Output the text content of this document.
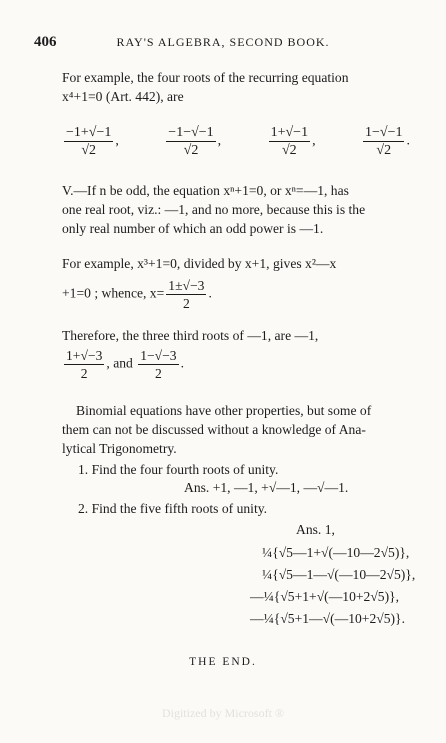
406	RAY'S ALGEBRA, SECOND BOOK.
For example, the four roots of the recurring equation
x⁴+1=0 (Art. 442), are
$\frac{-1+√-1}{√2}$ ,	$\frac{-1-√-1}{√2}$ ,	$\frac{1+√-1}{√2}$ ,	$\frac{1-√-1}{√2}$ .
V.—If n be odd, the equation xⁿ+1=0, or xⁿ=—1, has
one real root, viz.: —1, and no more, because this is the
only real number of which an odd power is —1.
For example, x³+1=0, divided by x+1, gives x²—x
+1=0 ; whence, $x= \frac{1\pm√-3}{2}$ .
Therefore, the three third roots of —1, are —1,
$\frac{1+√-3}{2}$ , and $\frac{1-√-3}{2}$ .
Binomial equations have other properties, but some of
them can not be discussed without a knowledge of Ana-
lytical Trigonometry.
1. Find the four fourth roots of unity.
Ans. +1, —1, +√—1, —√—1.
2. Find the five fifth roots of unity.
Ans. 1,
¼{√5—1+√(—10—2√5)},
¼{√5—1—√(—10—2√5)},
—¼{√5+1+√(—10+2√5)},
—¼{√5+1—√(—10+2√5)}.
THE END.
Digitized by Microsoft ®
